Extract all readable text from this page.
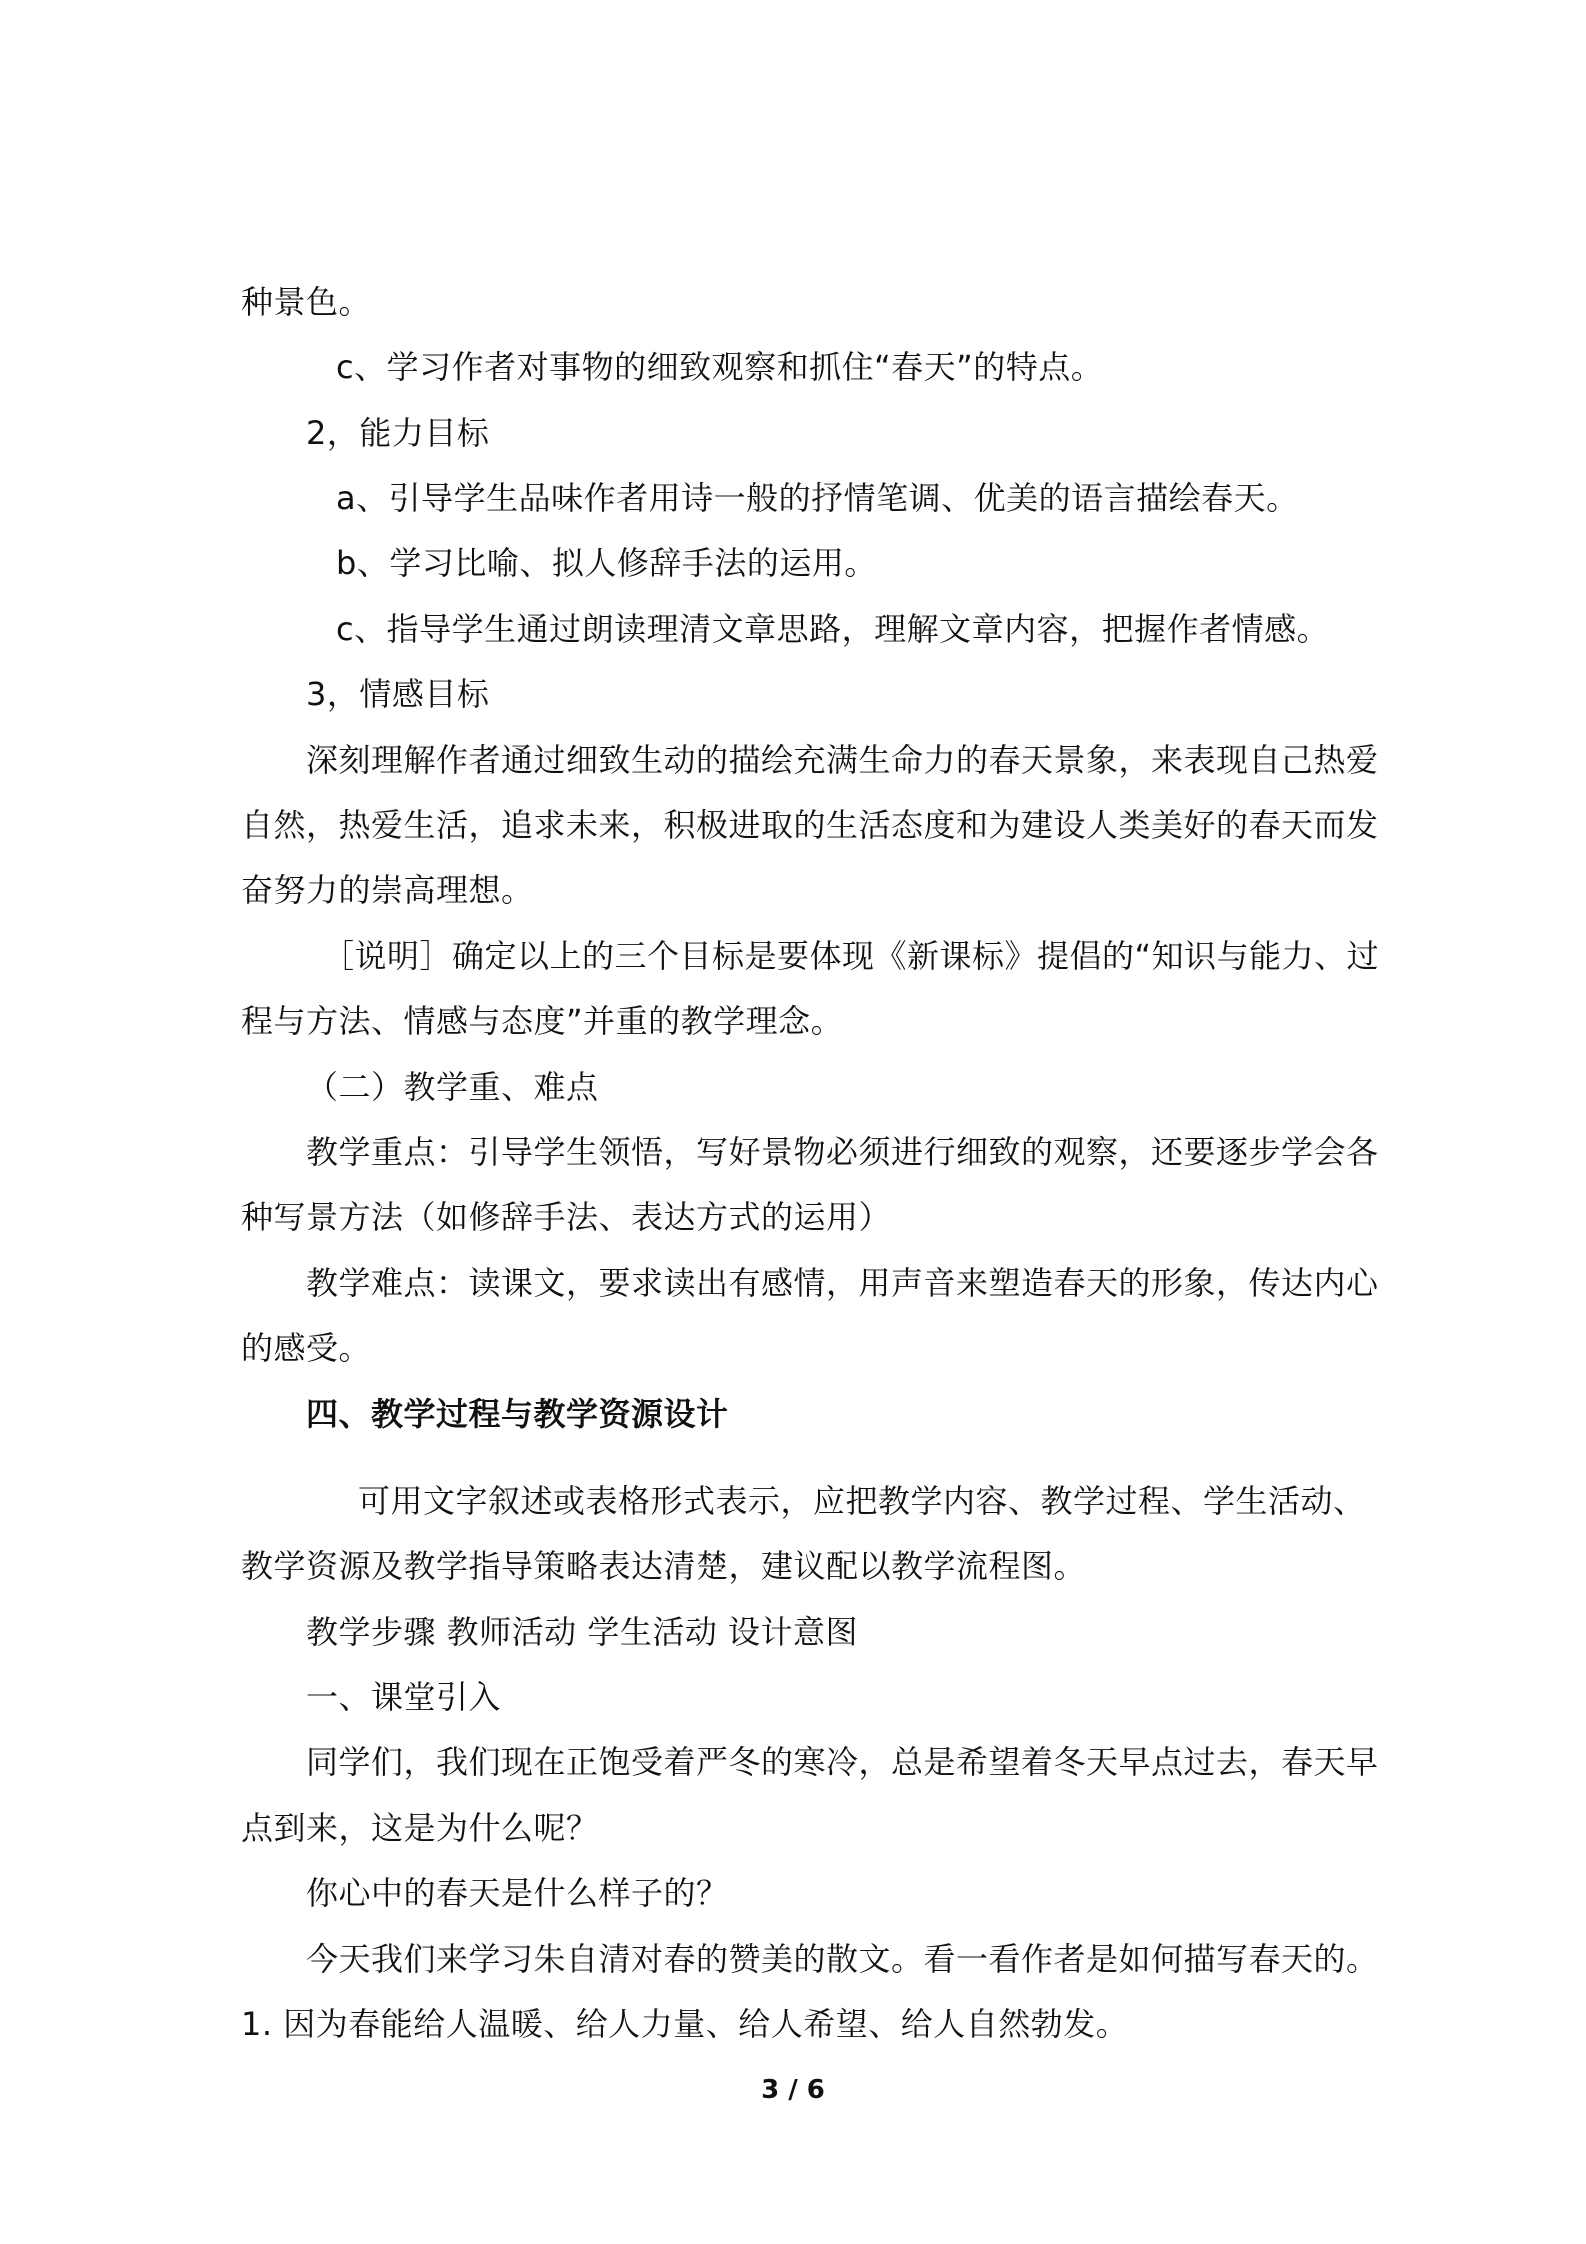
种景色。
c、学习作者对事物的细致观察和抓住“春天”的特点。
2，能力目标
a、引导学生品味作者用诗一般的抒情笔调、优美的语言描绘春天。
b、学习比喻、拟人修辞手法的运用。
c、指导学生通过朗读理清文章思路，理解文章内容，把握作者情感。
3，情感目标
深刻理解作者通过细致生动的描绘充满生命力的春天景象，来表现自己热爱
自然，热爱生活，追求未来，积极进取的生活态度和为建设人类美好的春天而发
奋努力的崇高理想。
［说明］确定以上的三个目标是要体现《新课标》提倡的“知识与能力、过
程与方法、情感与态度”并重的教学理念。
（二）教学重、难点
教学重点：引导学生领悟，写好景物必须进行细致的观察，还要逐步学会各
种写景方法（如修辞手法、表达方式的运用）
教学难点：读课文，要求读出有感情，用声音来塑造春天的形象，传达内心
的感受。
四、教学过程与教学资源设计
可用文字叙述或表格形式表示，应把教学内容、教学过程、学生活动、
教学资源及教学指导策略表达清楚，建议配以教学流程图。
教学步骤 教师活动 学生活动 设计意图
一、课堂引入
同学们，我们现在正饱受着严冬的寒冷，总是希望着冬天早点过去，春天早
点到来，这是为什么呢？
你心中的春天是什么样子的？
今天我们来学习朱自清对春的赞美的散文。看一看作者是如何描写春天的。
1. 因为春能给人温暖、给人力量、给人希望、给人自然勃发。
3 / 6
